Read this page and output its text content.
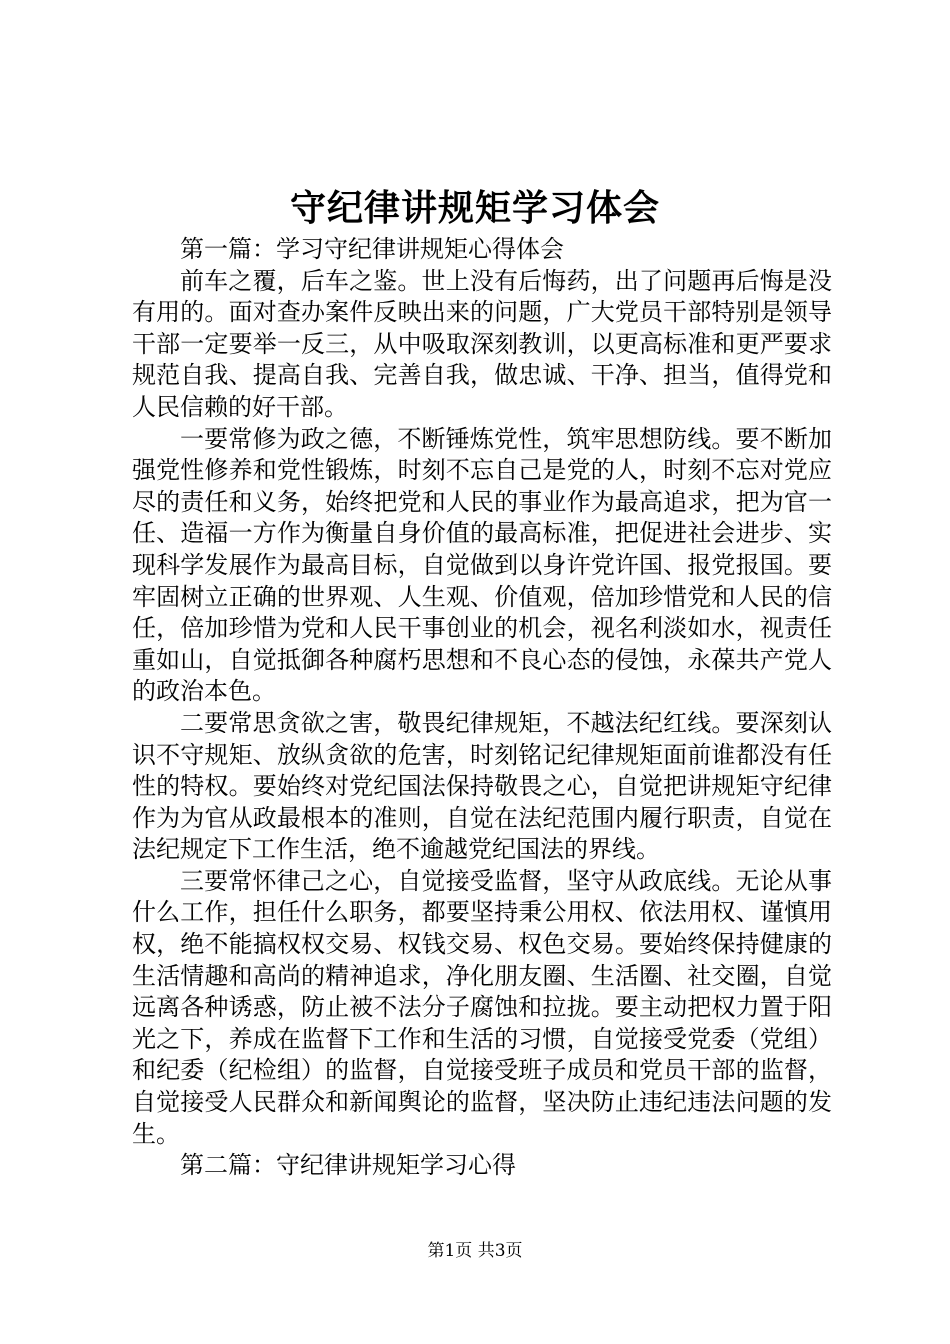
守纪律讲规矩学习体会

第一篇：学习守纪律讲规矩心得体会

前车之覆，后车之鉴。世上没有后悔药，出了问题再后悔是没有用的。面对查办案件反映出来的问题，广大党员干部特别是领导干部一定要举一反三，从中吸取深刻教训，以更高标准和更严要求规范自我、提高自我、完善自我，做忠诚、干净、担当，值得党和人民信赖的好干部。

一要常修为政之德，不断锤炼党性，筑牢思想防线。要不断加强党性修养和党性锻炼，时刻不忘自己是党的人，时刻不忘对党应尽的责任和义务，始终把党和人民的事业作为最高追求，把为官一任、造福一方作为衡量自身价值的最高标准，把促进社会进步、实现科学发展作为最高目标，自觉做到以身许党许国、报党报国。要牢固树立正确的世界观、人生观、价值观，倍加珍惜党和人民的信任，倍加珍惜为党和人民干事创业的机会，视名利淡如水，视责任重如山，自觉抵御各种腐朽思想和不良心态的侵蚀，永葆共产党人的政治本色。

二要常思贪欲之害，敬畏纪律规矩，不越法纪红线。要深刻认识不守规矩、放纵贪欲的危害，时刻铭记纪律规矩面前谁都没有任性的特权。要始终对党纪国法保持敬畏之心，自觉把讲规矩守纪律作为为官从政最根本的准则，自觉在法纪范围内履行职责，自觉在法纪规定下工作生活，绝不逾越党纪国法的界线。

三要常怀律己之心，自觉接受监督，坚守从政底线。无论从事什么工作，担任什么职务，都要坚持秉公用权、依法用权、谨慎用权，绝不能搞权权交易、权钱交易、权色交易。要始终保持健康的生活情趣和高尚的精神追求，净化朋友圈、生活圈、社交圈，自觉远离各种诱惑，防止被不法分子腐蚀和拉拢。要主动把权力置于阳光之下，养成在监督下工作和生活的习惯，自觉接受党委（党组）和纪委（纪检组）的监督，自觉接受班子成员和党员干部的监督，自觉接受人民群众和新闻舆论的监督，坚决防止违纪违法问题的发生。

第二篇：守纪律讲规矩学习心得

第1页 共3页
